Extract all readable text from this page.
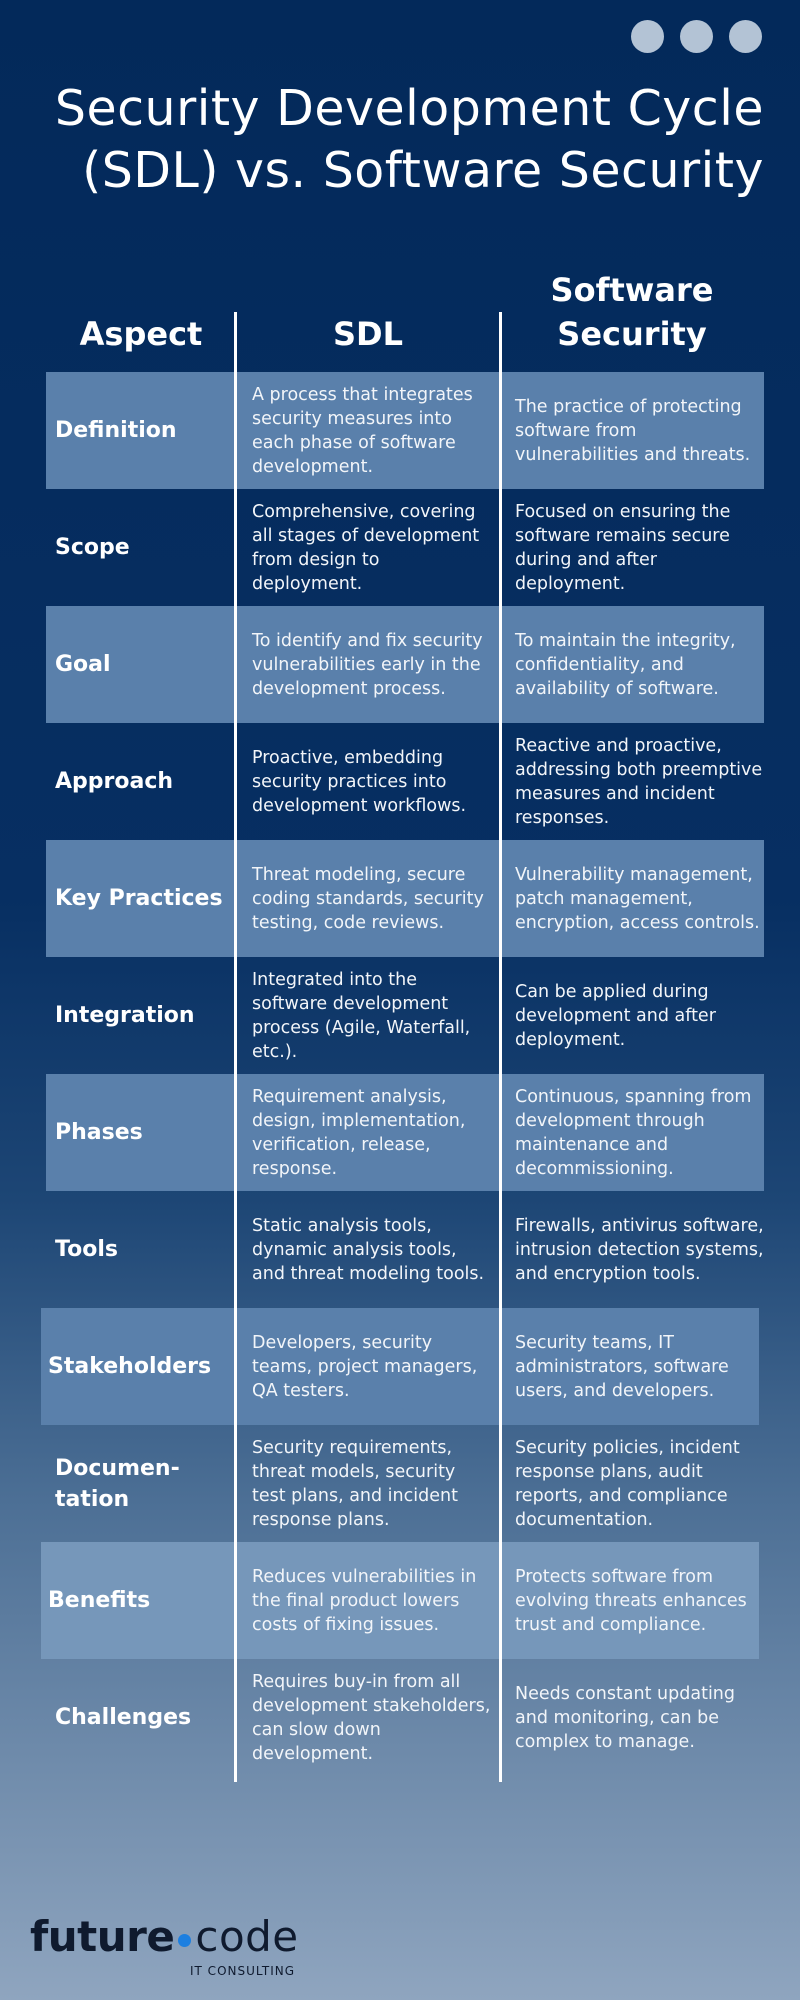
Security Development Cycle
(SDL) vs. Software Security
Aspect	SDL
Software
Security
Definition
A process that integrates security measures into each phase of software development.
The practice of protecting software from vulnerabilities and threats.
Scope
Comprehensive, covering all stages of development from design to deployment.
Focused on ensuring the software remains secure during and after deployment.
Goal
To identify and fix security vulnerabilities early in the development process.
To maintain the integrity, confidentiality, and availability of software.
Approach
Proactive, embedding security practices into development workflows.
Reactive and proactive, addressing both preemptive measures and incident responses.
Key Practices
Threat modeling, secure coding standards, security testing, code reviews.
Vulnerability management, patch management, encryption, access controls.
Integration
Integrated into the software development process (Agile, Waterfall, etc.).
Can be applied during development and after deployment.
Phases
Requirement analysis, design, implementation, verification, release, response.
Continuous, spanning from development through maintenance and decommissioning.
Tools
Static analysis tools, dynamic analysis tools, and threat modeling tools.
Firewalls, antivirus software, intrusion detection systems, and encryption tools.
Stakeholders
Developers, security teams, project managers, QA testers.
Security teams, IT administrators, software users, and developers.
Documen-tation
Security requirements, threat models, security test plans, and incident response plans.
Security policies, incident response plans, audit reports, and compliance documentation.
Benefits
Reduces vulnerabilities in the final product lowers costs of fixing issues.
Protects software from evolving threats enhances trust and compliance.
Challenges
Requires buy-in from all development stakeholders, can slow down development.
Needs constant updating and monitoring, can be complex to manage.
future code
IT CONSULTING
